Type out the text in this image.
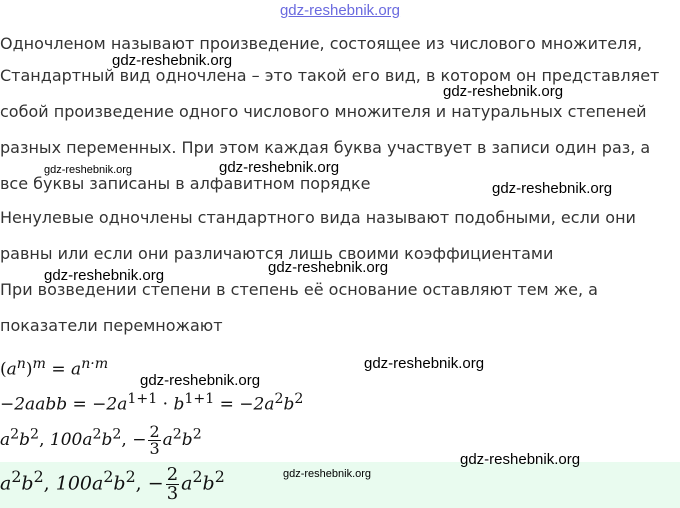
gdz-reshebnik.org
Одночленом называют произведение, состоящее из числового множителя,
Стандартный вид одночлена – это такой его вид, в котором он представляет
собой произведение одного числового множителя и натуральных степеней
разных переменных. При этом каждая буква участвует в записи один раз, а
все буквы записаны в алфавитном порядке
Ненулевые одночлены стандартного вида называют подобными, если они
равны или если они различаются лишь своими коэффициентами
При возведении степени в степень её основание оставляют тем же, а
показатели перемножают
$(a^n)^m = a^{n\cdot m}$
−2aabb = $-2a^{1+1} \cdot b^{1+1} = -2a^2b^2$
$a^2b^2$, $100a^2b^2$, − $\frac{2}{3} a^2b^2$
$a^2b^2$, $100a^2b^2$, − $\frac{2}{3} a^2b^2$
gdz-reshebnik.org
gdz-reshebnik.org
gdz-reshebnik.org	gdz-reshebnik.org
gdz-reshebnik.org
gdz-reshebnik.org
gdz-reshebnik.org
gdz-reshebnik.org
gdz-reshebnik.org
gdz-reshebnik.org
gdz-reshebnik.org
